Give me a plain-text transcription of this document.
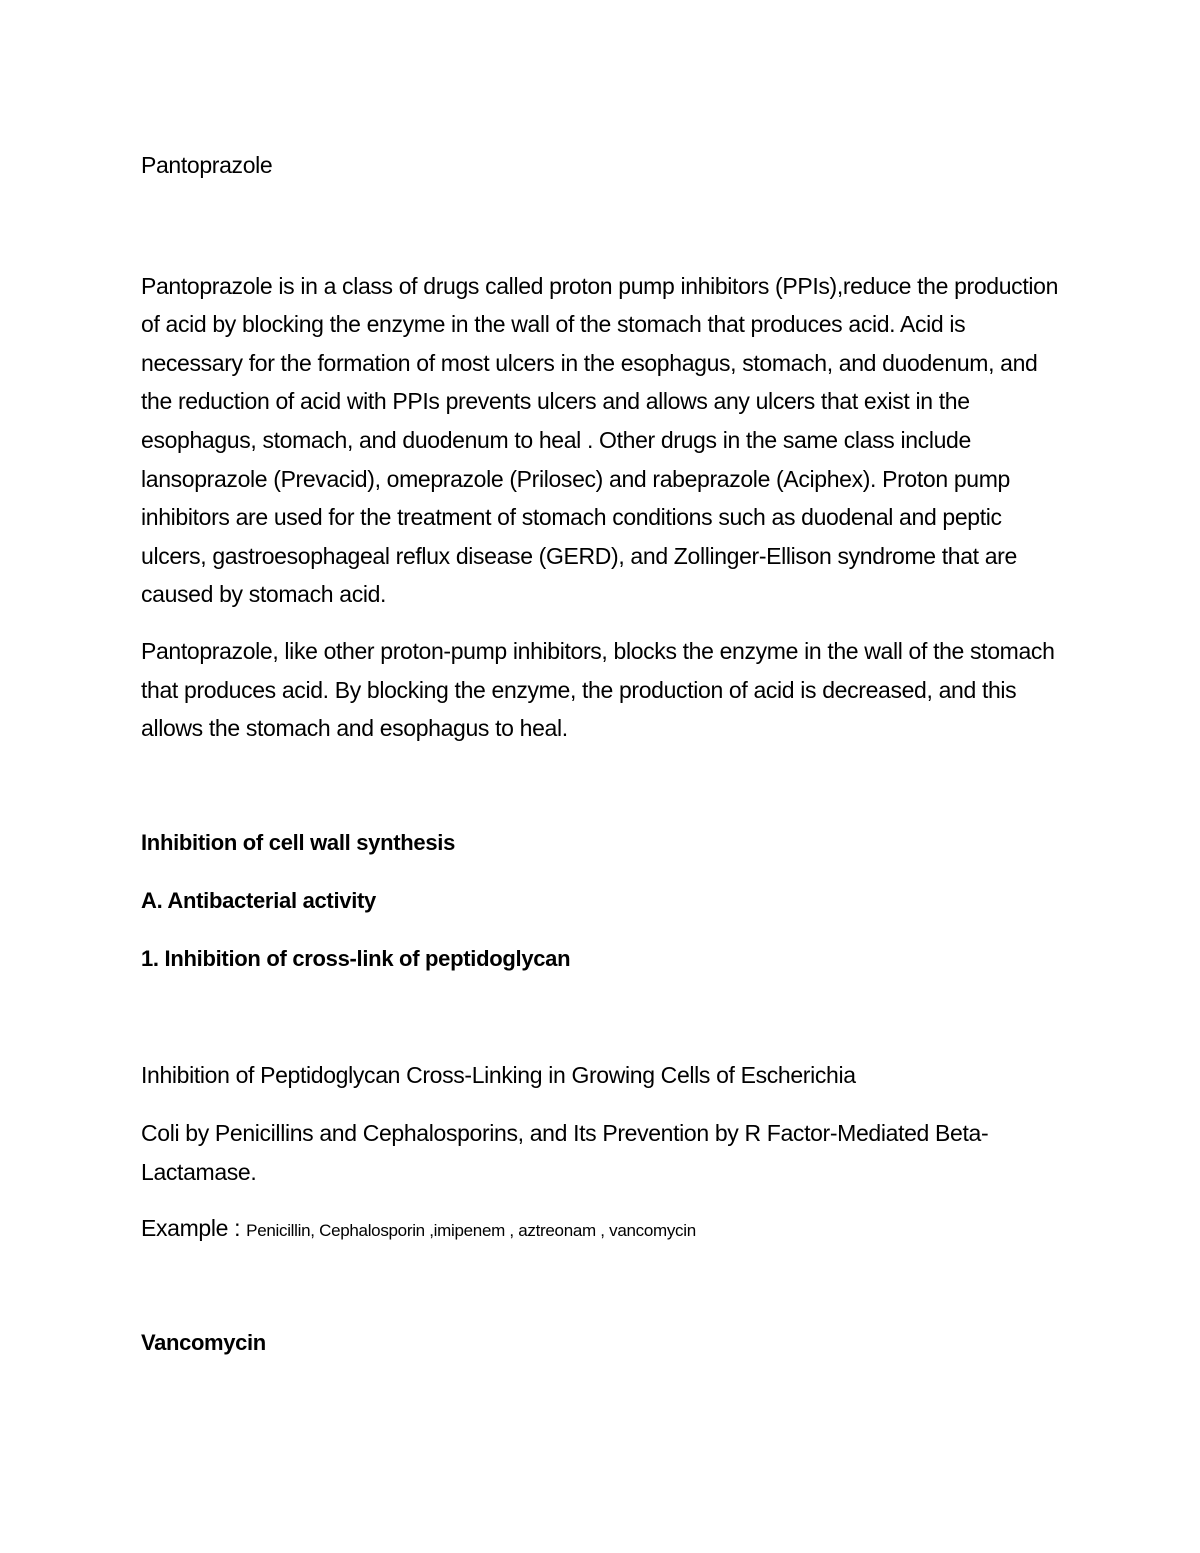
Pantoprazole

Pantoprazole is in a class of drugs called proton pump inhibitors (PPIs),reduce the production of acid by blocking the enzyme in the wall of the stomach that produces acid. Acid is necessary for the formation of most ulcers in the esophagus, stomach, and duodenum, and the reduction of acid with PPIs prevents ulcers and allows any ulcers that exist in the esophagus, stomach, and duodenum to heal . Other drugs in the same class include lansoprazole (Prevacid), omeprazole (Prilosec) and rabeprazole (Aciphex). Proton pump inhibitors are used for the treatment of stomach conditions such as duodenal and peptic ulcers, gastroesophageal reflux disease (GERD), and Zollinger-Ellison syndrome that are caused by stomach acid.

Pantoprazole, like other proton-pump inhibitors, blocks the enzyme in the wall of the stomach that produces acid. By blocking the enzyme, the production of acid is decreased, and this allows the stomach and esophagus to heal.

Inhibition of cell wall synthesis

A. Antibacterial activity

1. Inhibition of cross-link of peptidoglycan

Inhibition of Peptidoglycan Cross-Linking in Growing Cells of Escherichia

Coli by Penicillins and Cephalosporins, and Its Prevention by R Factor-Mediated Beta-Lactamase.

Example : Penicillin, Cephalosporin ,imipenem , aztreonam , vancomycin

Vancomycin
